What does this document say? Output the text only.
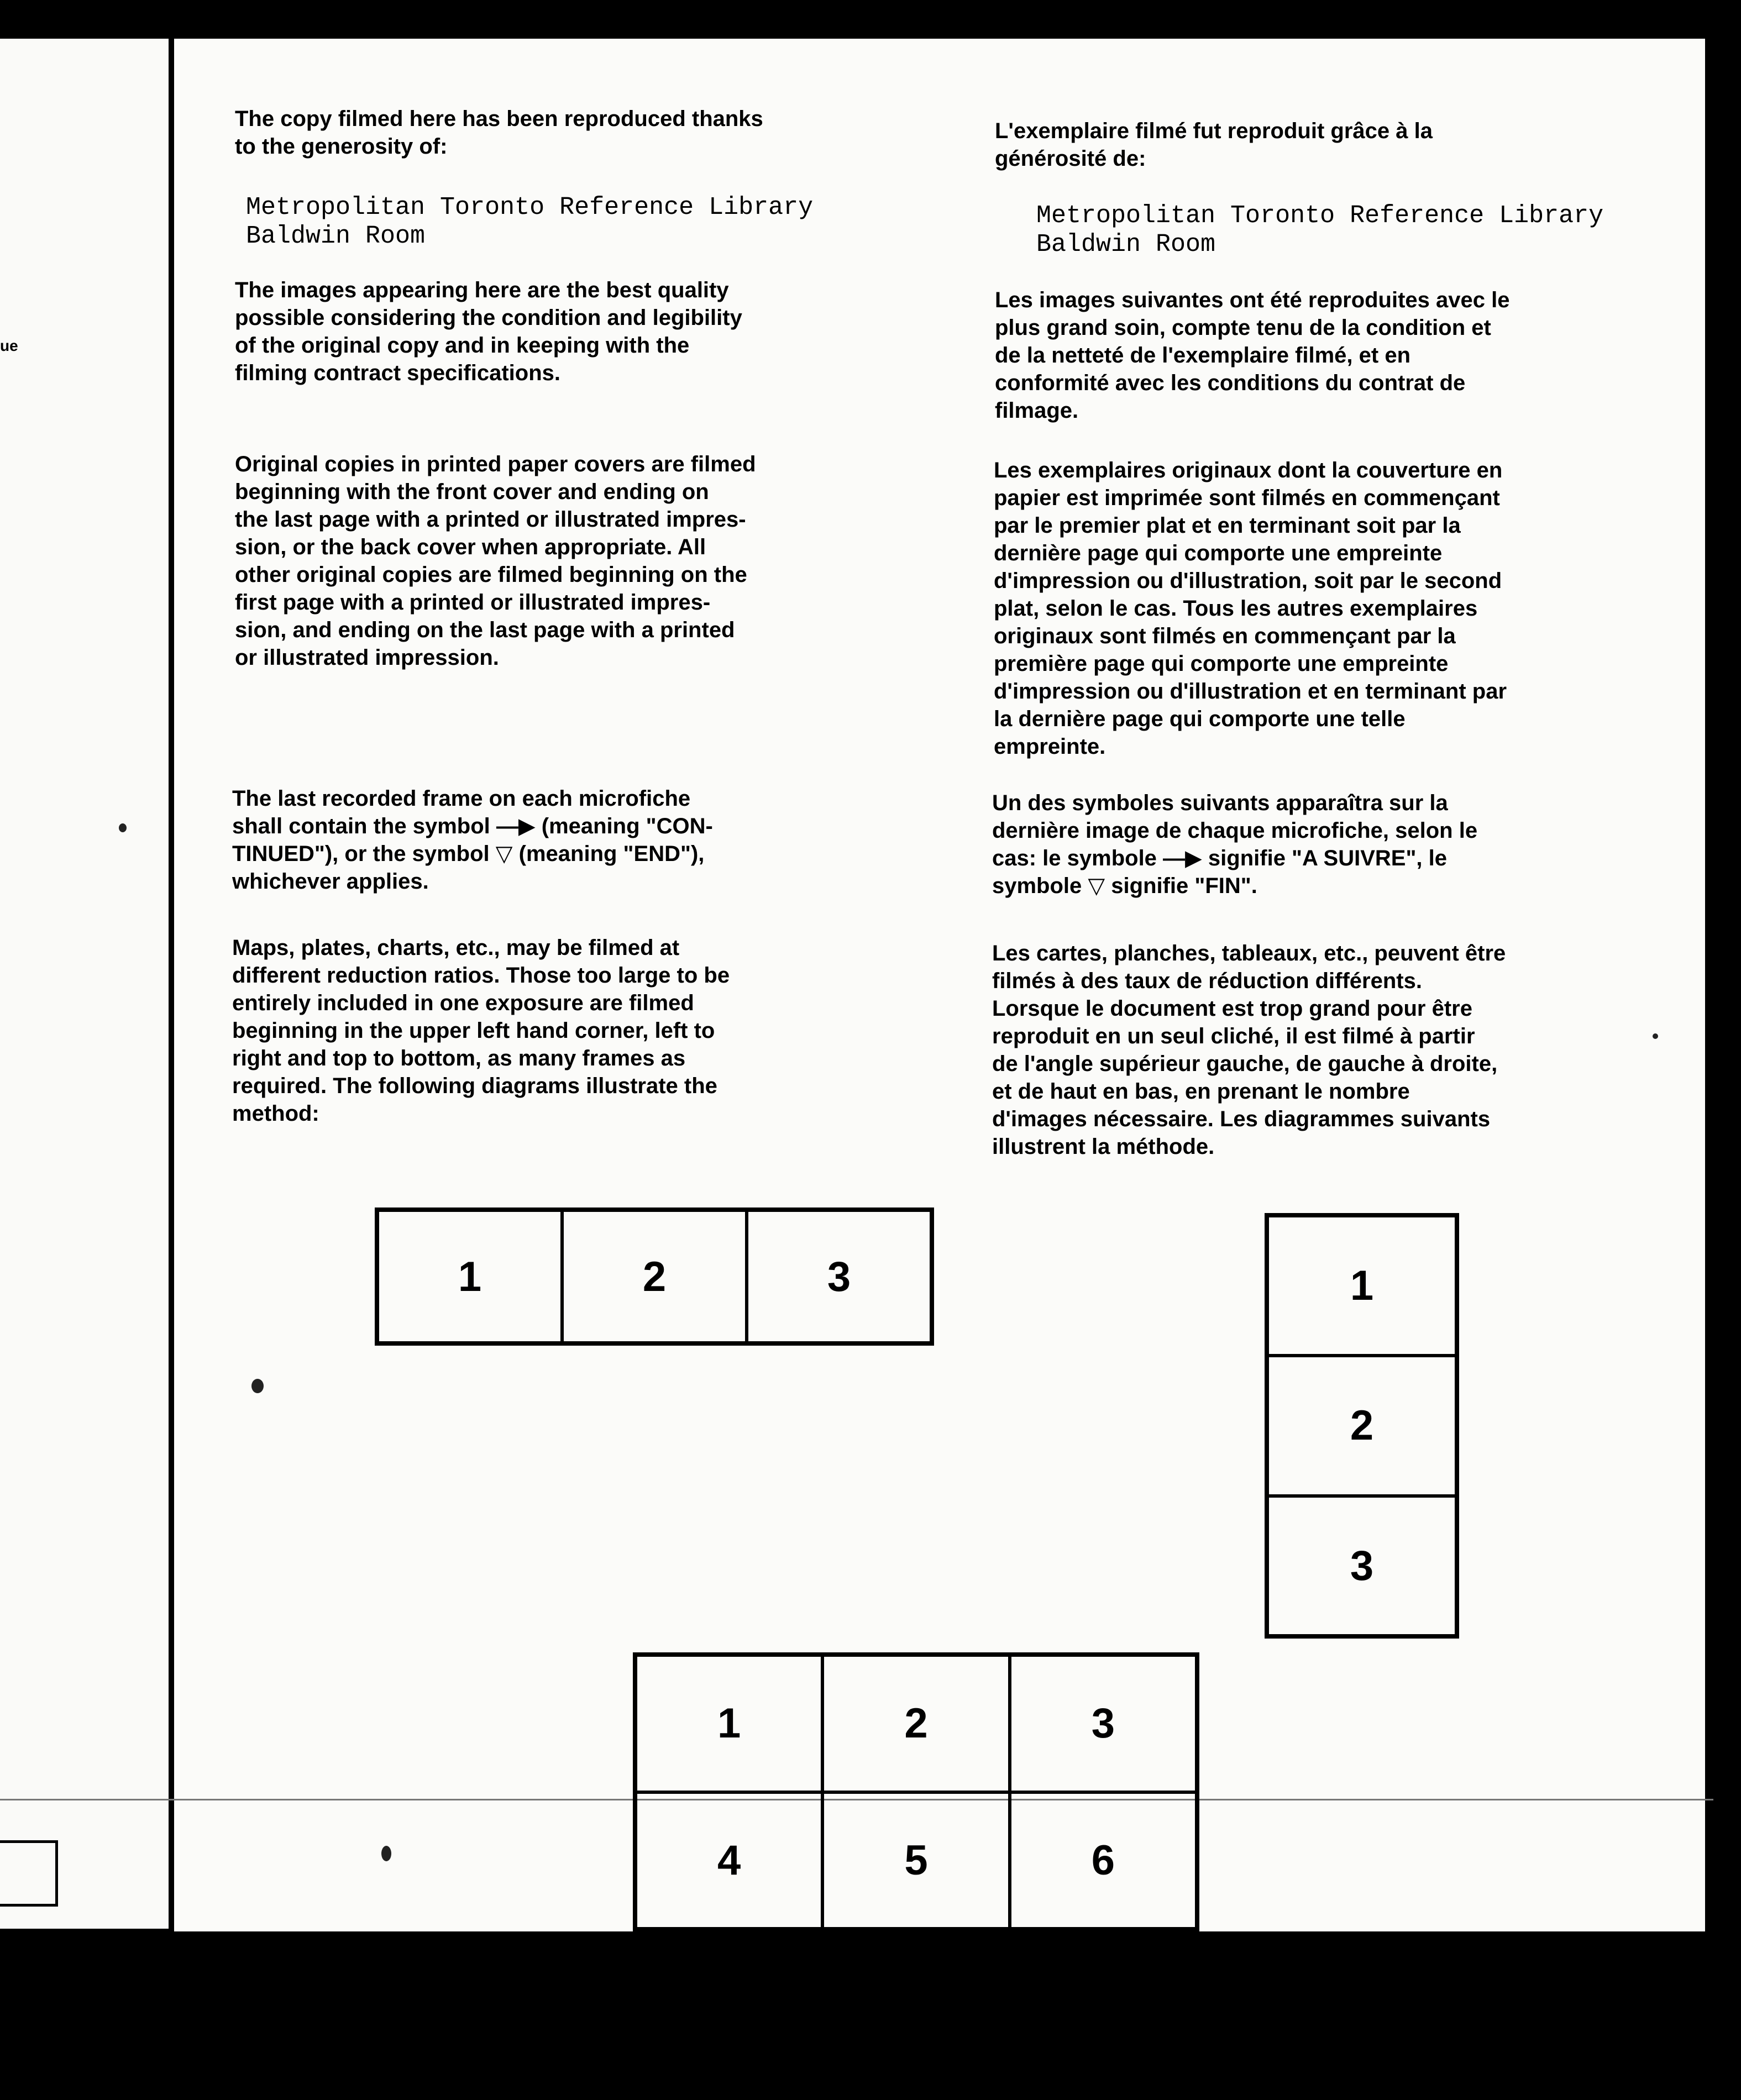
ue
32 x
The copy filmed here has been reproduced thanks
to the generosity of:
Metropolitan Toronto Reference Library
Baldwin Room
The images appearing here are the best quality
possible considering the condition and legibility
of the original copy and in keeping with the
filming contract specifications.
Original copies in printed paper covers are filmed
beginning with the front cover and ending on
the last page with a printed or illustrated impres-
sion, or the back cover when appropriate. All
other original copies are filmed beginning on the
first page with a printed or illustrated impres-
sion, and ending on the last page with a printed
or illustrated impression.
The last recorded frame on each microfiche
shall contain the symbol —▶ (meaning "CON-
TINUED"), or the symbol ▽ (meaning "END"),
whichever applies.
Maps, plates, charts, etc., may be filmed at
different reduction ratios. Those too large to be
entirely included in one exposure are filmed
beginning in the upper left hand corner, left to
right and top to bottom, as many frames as
required. The following diagrams illustrate the
method:
L'exemplaire filmé fut reproduit grâce à la
générosité de:
Metropolitan Toronto Reference Library
Baldwin Room
Les images suivantes ont été reproduites avec le
plus grand soin, compte tenu de la condition et
de la netteté de l'exemplaire filmé, et en
conformité avec les conditions du contrat de
filmage.
Les exemplaires originaux dont la couverture en
papier est imprimée sont filmés en commençant
par le premier plat et en terminant soit par la
dernière page qui comporte une empreinte
d'impression ou d'illustration, soit par le second
plat, selon le cas. Tous les autres exemplaires
originaux sont filmés en commençant par la
première page qui comporte une empreinte
d'impression ou d'illustration et en terminant par
la dernière page qui comporte une telle
empreinte.
Un des symboles suivants apparaîtra sur la
dernière image de chaque microfiche, selon le
cas: le symbole —▶ signifie "A SUIVRE", le
symbole ▽ signifie "FIN".
Les cartes, planches, tableaux, etc., peuvent être
filmés à des taux de réduction différents.
Lorsque le document est trop grand pour être
reproduit en un seul cliché, il est filmé à partir
de l'angle supérieur gauche, de gauche à droite,
et de haut en bas, en prenant le nombre
d'images nécessaire. Les diagrammes suivants
illustrent la méthode.
1	2	3	1
2
3
1	2	3
4	5	6
